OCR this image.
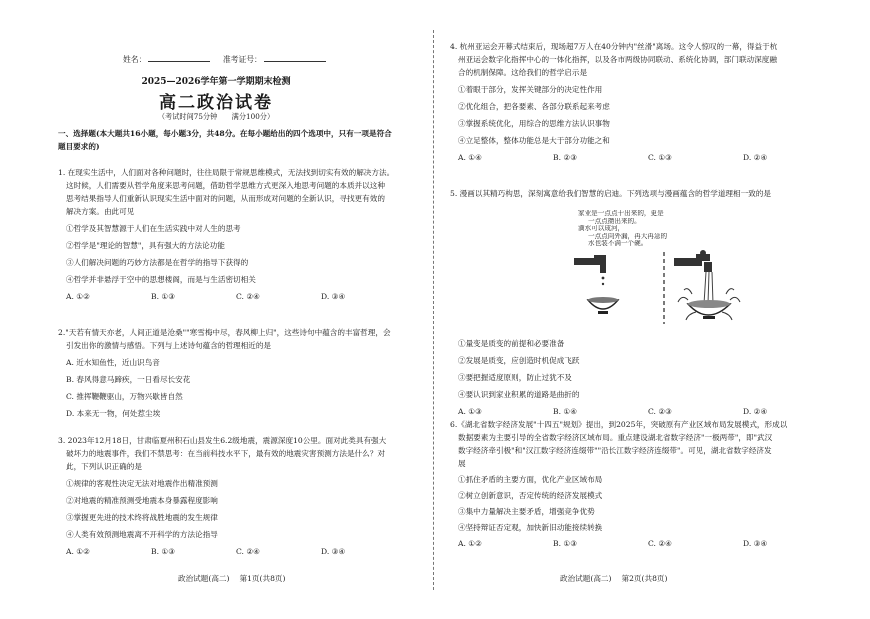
姓名：	准考证号：
2025—2026学年第一学期期末检测
高二政治试卷
（考试时间75分钟　　满分100分）
一、选择题(本大题共16小题，每小题3分，共48分。在每小题给出的四个选项中，只有一项是符合
题目要求的)
1. 在现实生活中，人们面对各种问题时，往往局限于常规思维模式，无法找到切实有效的解决方法。
这时候，人们需要从哲学角度来思考问题，借助哲学思维方式更深入地思考问题的本质并以这种
思考结果指导人们重新认识现实生活中面对的问题，从而形成对问题的全新认识，寻找更有效的
解决方案。由此可见
①哲学及其智慧源于人们在生活实践中对人生的思考
②哲学是"理论的智慧"，具有强大的方法论功能
③人们解决问题的巧妙方法都是在哲学的指导下获得的
④哲学并非悬浮于空中的思想楼阁，而是与生活密切相关
A. ①②	B. ①③	C. ②④	D. ③④
2."天若有情天亦老，人间正道是沧桑""寒雪梅中尽，春风柳上归"，这些诗句中蕴含的丰富哲理，会
引发出你的激情与感悟。下列与上述诗句蕴含的哲理相近的是
A. 近水知鱼性，近山识鸟音
B. 春风得意马蹄疾，一日看尽长安花
C. 推挥鞭鞭驱山，万物兴歇皆自然
D. 本来无一物，何处惹尘埃
3. 2023年12月18日，甘肃临夏州积石山县发生6.2级地震，震源深度10公里。面对此类具有强大
破坏力的地震事件，我们不禁思考：在当前科技水平下，最有效的地震灾害预测方法是什么？对
此，下列认识正确的是
①规律的客观性决定无法对地震作出精准预测
②对地震的精准预测受地震本身暴露程度影响
③掌握更先进的技术终将战胜地震的发生规律
④人类有效预测地震离不开科学的方法论指导
A. ①②	B. ①③	C. ②④	D. ③④
政治试题(高二)　 第1页(共8页)
4. 杭州亚运会开幕式结束后，现场超7万人在40分钟内"丝滑"离场。这令人惊叹的一幕，得益于杭
州亚运会数字化指挥中心的一体化指挥，以及各市两级协同联动、系统化协调，部门联动深度融
合的机制保障。这给我们的哲学启示是
①着眼于部分，发挥关键部分的决定性作用
②优化组合，把各要素、各部分联系起来考虑
③掌握系统优化，用综合的思维方法认识事物
④立足整体，整体功能总是大于部分功能之和
A. ①④	B. ②③	C. ①③	D. ②④
5. 漫画以其精巧构思，深刻寓意给我们智慧的启迪。下列选项与漫画蕴含的哲学道理相一致的是
家业是一点点干出来的，更是
一点点攒出来的。
滴水可以成河，
一点点向外漏，再大再急的
水也装不满一个碗。
①量变是质变的前提和必要准备
②发展是质变，应创造时机促成飞跃
③要把握适度原则，防止过犹不及
④要认识到家业积累的道路是曲折的
A. ①③	B. ①④	C. ②③	D. ②④
6.《湖北省数字经济发展"十四五"规划》提出，到2025年，突破原有产业区域布局发展模式，形成以
数据要素为主要引导的全省数字经济区域布局。重点建设湖北省数字经济"一极两带"，即"武汉
数字经济牵引极"和"汉江数字经济连缀带""沿长江数字经济连缀带"。可见，湖北省数字经济发
展
①抓住矛盾的主要方面，优化产业区域布局
②树立创新意识，否定传统的经济发展模式
③集中力量解决主要矛盾，增强竞争优势
④坚持辩证否定观，加快新旧动能接续转换
A. ①②	B. ①③	C. ②④	D. ③④
政治试题(高二)　 第2页(共8页)
